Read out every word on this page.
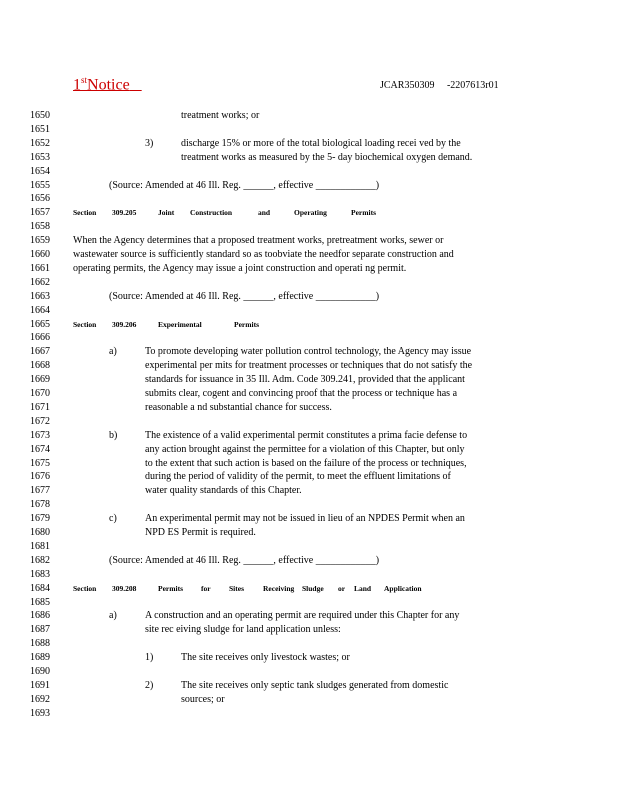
1stNotice	JCAR350309     -2207613r01
1650	treatment works; or
1651
1652	3)	discharge 15% or more of the total biological loading recei ved by the
1653	treatment works as measured by the 5- day biochemical oxygen demand.
1654
1655	(Source: Amended at 46 Ill. Reg. ______, effective ____________)
1656
1657	Section 309.205	Joint Construction	and	Operating	Permits
1658
1659	When the Agency determines that a proposed treatment works, pretreatment works, sewer or
1660	wastewater source is sufficiently standard so as toobviate the needfor separate construction and
1661	operating permits, the Agency may issue a joint construction and operati ng permit.
1662
1663	(Source: Amended at 46 Ill. Reg. ______, effective ____________)
1664
1665	Section 309.206	Experimental	Permits
1666
1667	a)	To promote developing water pollution control technology, the Agency may issue
1668	experimental per mits for treatment processes or techniques that do not satisfy the
1669	standards for issuance in 35 Ill. Adm. Code 309.241, provided that the applicant
1670	submits clear, cogent and convincing proof that the process or technique has a
1671	reasonable a nd substantial chance for success.
1672
1673	b)	The existence of a valid experimental permit constitutes a prima facie defense to
1674	any action brought against the permittee for a violation of this Chapter, but only
1675	to the extent that such action is based on the failure of the process or techniques,
1676	during the period of validity of the permit, to meet the effluent limitations of
1677	water quality standards of this Chapter.
1678
1679	c)	An experimental permit may not be issued in lieu of an NPDES Permit when an
1680	NPD ES Permit is required.
1681
1682	(Source: Amended at 46 Ill. Reg. ______, effective ____________)
1683
1684	Section 309.208	Permits for Sites	Receiving Sludge or Land Application
1685
1686	a)	A construction and an operating permit are required under this Chapter for any
1687	site rec eiving sludge for land application unless:
1688
1689	1)	The site receives only livestock wastes; or
1690
1691	2)	The site receives only septic tank sludges generated from domestic
1692	sources; or
1693
